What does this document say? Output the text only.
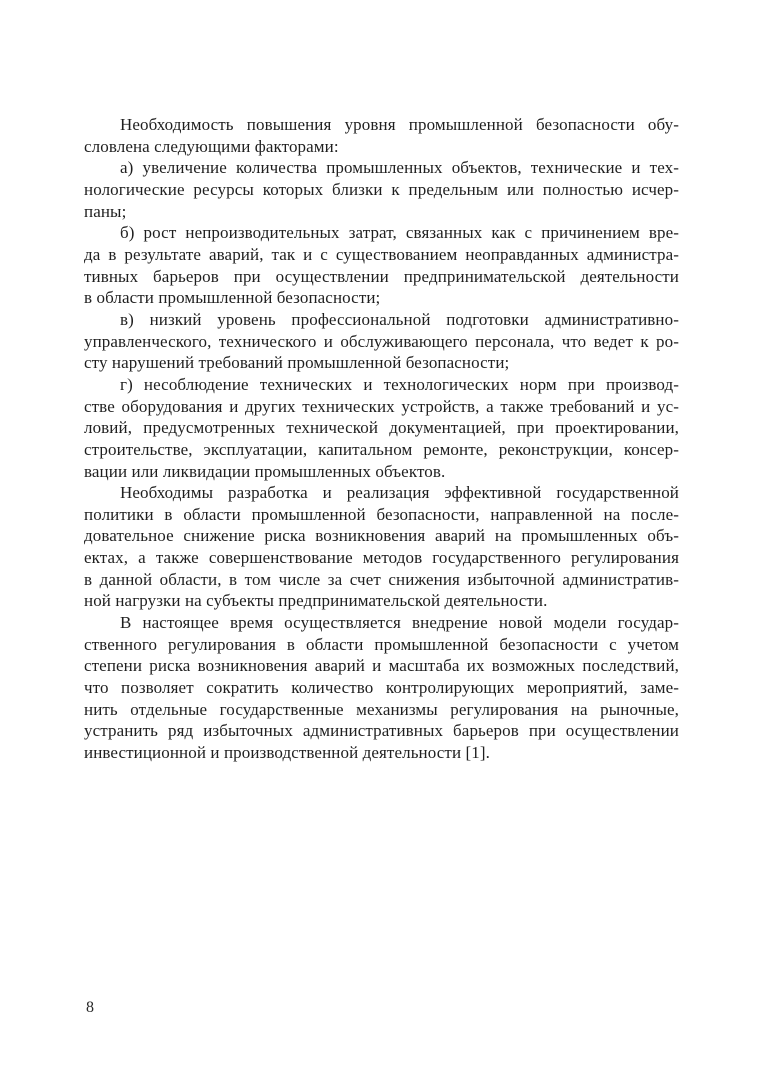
Необходимость повышения уровня промышленной безопасности обу-
словлена следующими факторами:
а) увеличение количества промышленных объектов, технические и тех-
нологические ресурсы которых близки к предельным или полностью исчер-
паны;
б) рост непроизводительных затрат, связанных как с причинением вре-
да в результате аварий, так и с существованием неоправданных администра-
тивных барьеров при осуществлении предпринимательской деятельности
в области промышленной безопасности;
в) низкий уровень профессиональной подготовки административно-
управленческого, технического и обслуживающего персонала, что ведет к ро-
сту нарушений требований промышленной безопасности;
г) несоблюдение технических и технологических норм при производ-
стве оборудования и других технических устройств, а также требований и ус-
ловий, предусмотренных технической документацией, при проектировании,
строительстве, эксплуатации, капитальном ремонте, реконструкции, консер-
вации или ликвидации промышленных объектов.
Необходимы разработка и реализация эффективной государственной
политики в области промышленной безопасности, направленной на после-
довательное снижение риска возникновения аварий на промышленных объ-
ектах, а также совершенствование методов государственного регулирования
в данной области, в том числе за счет снижения избыточной административ-
ной нагрузки на субъекты предпринимательской деятельности.
В настоящее время осуществляется внедрение новой модели государ-
ственного регулирования в области промышленной безопасности с учетом
степени риска возникновения аварий и масштаба их возможных последствий,
что позволяет сократить количество контролирующих мероприятий, заме-
нить отдельные государственные механизмы регулирования на рыночные,
устранить ряд избыточных административных барьеров при осуществлении
инвестиционной и производственной деятельности [1].
8
